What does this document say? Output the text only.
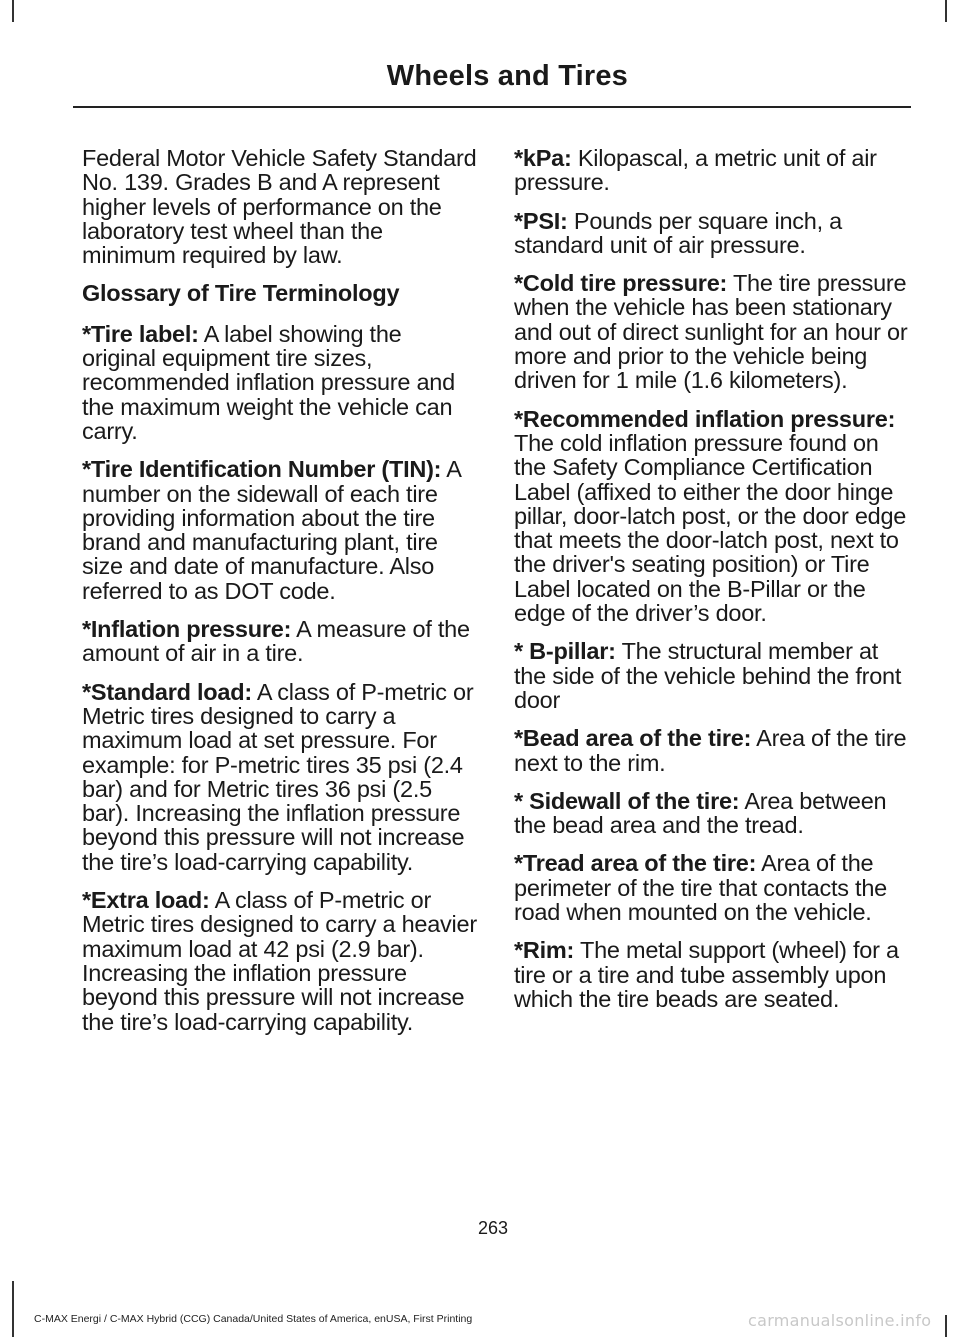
Wheels and Tires

Federal Motor Vehicle Safety Standard No. 139. Grades B and A represent higher levels of performance on the laboratory test wheel than the minimum required by law.

Glossary of Tire Terminology

*Tire label: A label showing the original equipment tire sizes, recommended inflation pressure and the maximum weight the vehicle can carry.

*Tire Identification Number (TIN): A number on the sidewall of each tire providing information about the tire brand and manufacturing plant, tire size and date of manufacture. Also referred to as DOT code.

*Inflation pressure: A measure of the amount of air in a tire.

*Standard load: A class of P-metric or Metric tires designed to carry a maximum load at set pressure. For example: for P-metric tires 35 psi (2.4 bar) and for Metric tires 36 psi (2.5 bar). Increasing the inflation pressure beyond this pressure will not increase the tire’s load-carrying capability.

*Extra load: A class of P-metric or Metric tires designed to carry a heavier maximum load at 42 psi (2.9 bar). Increasing the inflation pressure beyond this pressure will not increase the tire’s load-carrying capability.

*kPa: Kilopascal, a metric unit of air pressure.

*PSI: Pounds per square inch, a standard unit of air pressure.

*Cold tire pressure: The tire pressure when the vehicle has been stationary and out of direct sunlight for an hour or more and prior to the vehicle being driven for 1 mile (1.6 kilometers).

*Recommended inflation pressure: The cold inflation pressure found on the Safety Compliance Certification Label (affixed to either the door hinge pillar, door-latch post, or the door edge that meets the door-latch post, next to the driver's seating position) or Tire Label located on the B-Pillar or the edge of the driver’s door.

* B-pillar: The structural member at the side of the vehicle behind the front door

*Bead area of the tire: Area of the tire next to the rim.

* Sidewall of the tire: Area between the bead area and the tread.

*Tread area of the tire: Area of the perimeter of the tire that contacts the road when mounted on the vehicle.

*Rim: The metal support (wheel) for a tire or a tire and tube assembly upon which the tire beads are seated.

263
C-MAX Energi / C-MAX Hybrid (CCG) Canada/United States of America, enUSA, First Printing	carmanualsonline.info
